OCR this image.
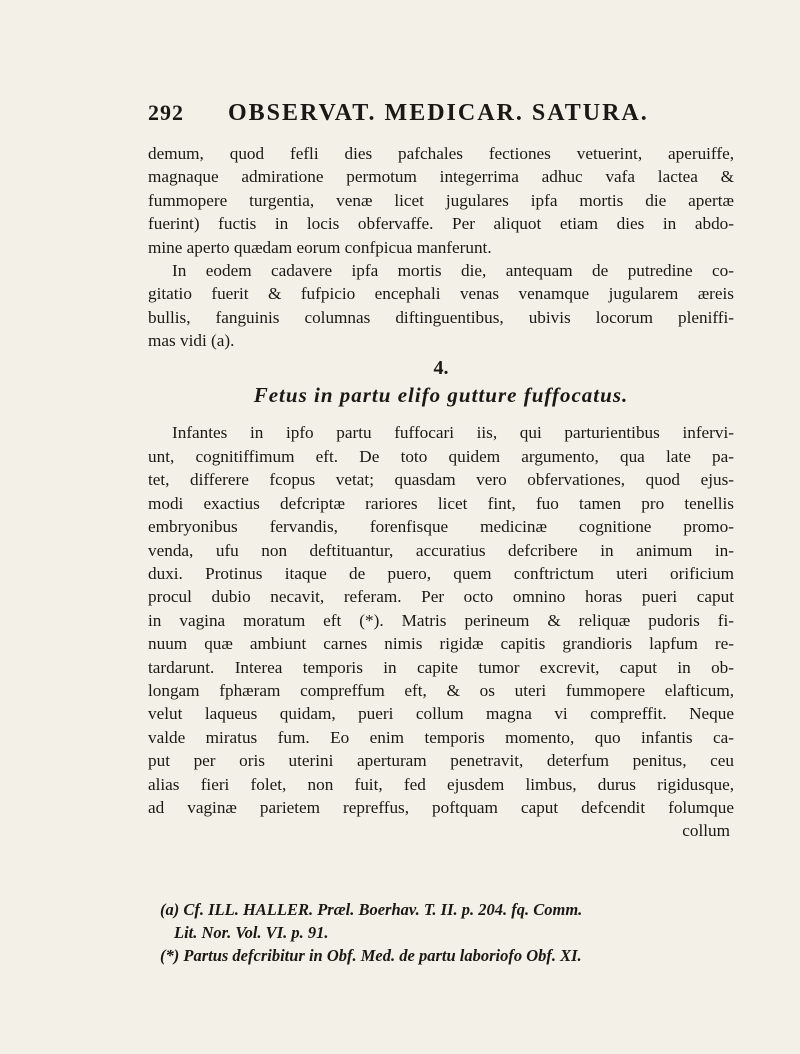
292	OBSERVAT. MEDICAR. SATURA.
demum, quod fefli dies pafchales fectiones vetuerint, aperuiffe,
magnaque admiratione permotum integerrima adhuc vafa lactea &
fummopere turgentia, venæ licet jugulares ipfa mortis die apertæ
fuerint) fuctis in locis obfervaffe. Per aliquot etiam dies in abdo-
mine aperto quædam eorum confpicua manferunt.
In eodem cadavere ipfa mortis die, antequam de putredine co-
gitatio fuerit & fufpicio encephali venas venamque jugularem æreis
bullis, fanguinis columnas diftinguentibus, ubivis locorum pleniffi-
mas vidi (a).
4.
Fetus in partu elifo gutture fuffocatus.
Infantes in ipfo partu fuffocari iis, qui parturientibus infervi-
unt, cognitiffimum eft. De toto quidem argumento, qua late pa-
tet, differere fcopus vetat; quasdam vero obfervationes, quod ejus-
modi exactius defcriptæ rariores licet fint, fuo tamen pro tenellis
embryonibus fervandis, forenfisque medicinæ cognitione promo-
venda, ufu non deftituantur, accuratius defcribere in animum in-
duxi. Protinus itaque de puero, quem conftrictum uteri orificium
procul dubio necavit, referam. Per octo omnino horas pueri caput
in vagina moratum eft (*). Matris perineum & reliquæ pudoris fi-
nuum quæ ambiunt carnes nimis rigidæ capitis grandioris lapfum re-
tardarunt. Interea temporis in capite tumor excrevit, caput in ob-
longam fphæram compreffum eft, & os uteri fummopere elafticum,
velut laqueus quidam, pueri collum magna vi compreffit. Neque
valde miratus fum. Eo enim temporis momento, quo infantis ca-
put per oris uterini aperturam penetravit, deterfum penitus, ceu
alias fieri folet, non fuit, fed ejusdem limbus, durus rigidusque,
ad vaginæ parietem repreffus, poftquam caput defcendit folumque
collum
(a) Cf. ILL. HALLER. Præl. Boerhav. T. II. p. 204. fq. Comm.
Lit. Nor. Vol. VI. p. 91.
(*) Partus defcribitur in Obf. Med. de partu laboriofo Obf. XI.
